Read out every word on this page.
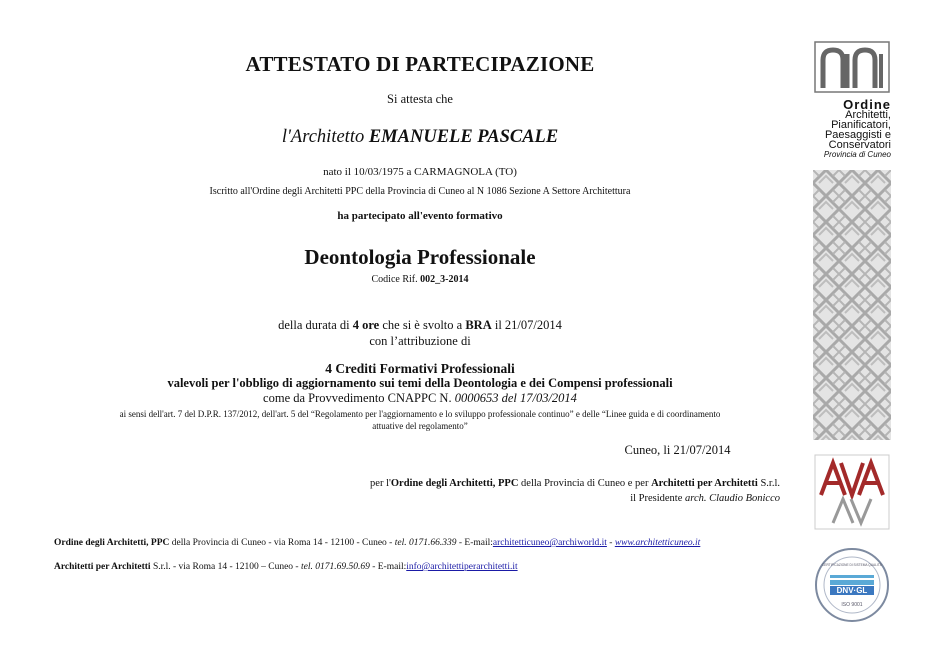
ATTESTATO DI PARTECIPAZIONE
Si attesta che
l'Architetto EMANUELE PASCALE
nato il 10/03/1975 a CARMAGNOLA (TO)
Iscritto all'Ordine degli Architetti PPC della Provincia di Cuneo al N 1086 Sezione A Settore Architettura
ha partecipato all'evento formativo
Deontologia Professionale
Codice Rif. 002_3-2014
della durata di 4 ore che si è svolto a BRA il 21/07/2014
con l’attribuzione di
4 Crediti Formativi Professionali
valevoli per l'obbligo di aggiornamento sui temi della Deontologia e dei Compensi professionali
come da Provvedimento CNAPPC N. 0000653 del 17/03/2014
ai sensi dell'art. 7 del D.P.R. 137/2012, dell'art. 5 del “Regolamento per l'aggiornamento e lo sviluppo professionale continuo” e delle “Linee guida e di coordinamento
attuative del regolamento”
Cuneo, li 21/07/2014
per l'Ordine degli Architetti, PPC della Provincia di Cuneo e per Architetti per Architetti S.r.l.
il Presidente arch. Claudio Bonicco
Ordine degli Architetti, PPC della Provincia di Cuneo - via Roma 14 - 12100 - Cuneo - tel. 0171.66.339 - E-mail:architetticuneo@archiworld.it - www.architetticuneo.it
Architetti per Architetti S.r.l. - via Roma 14 - 12100 – Cuneo - tel. 0171.69.50.69 - E-mail:info@architettiperarchitetti.it
Ordine
Architetti,
Pianificatori,
Paesaggisti e
Conservatori
Provincia di Cuneo

DNV·GL
ISO 9001
CERTIFICAZIONE DI SISTEMA QUALITÀ
